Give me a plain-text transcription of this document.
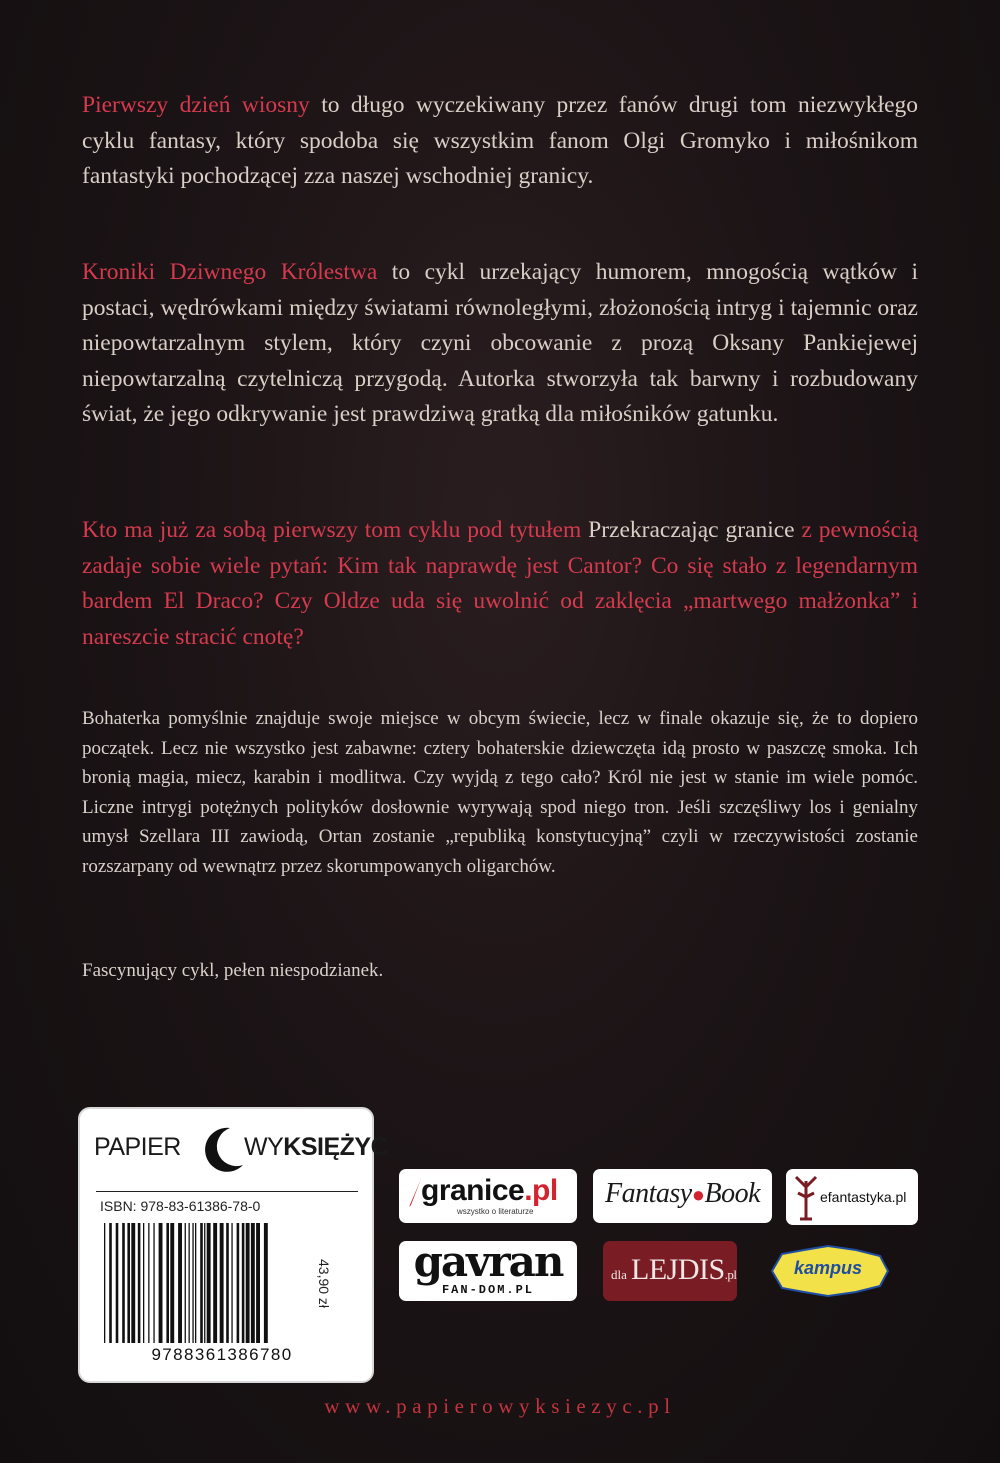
Pierwszy dzień wiosny to długo wyczekiwany przez fanów drugi tom niezwykłego cyklu fantasy, który spodoba się wszystkim fanom Olgi Gromyko i miłośnikom fantastyki pochodzącej zza naszej wschodniej granicy.

Kroniki Dziwnego Królestwa to cykl urzekający humorem, mnogością wątków i postaci, wędrówkami między światami równoległymi, złożonością intryg i tajemnic oraz niepowtarzalnym stylem, który czyni obcowanie z prozą Oksany Pankiejewej niepowtarzalną czytelniczą przygodą. Autorka stworzyła tak barwny i rozbudowany świat, że jego odkrywanie jest prawdziwą gratką dla miłośników gatunku.

Kto ma już za sobą pierwszy tom cyklu pod tytułem Przekraczając granice z pewnością zadaje sobie wiele pytań: Kim tak naprawdę jest Cantor? Co się stało z legendarnym bardem El Draco? Czy Oldze uda się uwolnić od zaklęcia „martwego małżonka” i nareszcie stracić cnotę?

Bohaterka pomyślnie znajduje swoje miejsce w obcym świecie, lecz w finale okazuje się, że to dopiero początek. Lecz nie wszystko jest zabawne: cztery bohaterskie dziewczęta idą prosto w paszczę smoka. Ich bronią magia, miecz, karabin i modlitwa. Czy wyjdą z tego cało? Król nie jest w stanie im wiele pomóc. Liczne intrygi potężnych polityków dosłownie wyrywają spod niego tron. Jeśli szczęśliwy los i genialny umysł Szellara III zawiodą, Ortan zostanie „republiką konstytucyjną” czyli w rzeczywistości zostanie rozszarpany od wewnątrz przez skorumpowanych oligarchów.

Fascynujący cykl, pełen niespodzianek.

PAPIER	WYKSIĘŻYC
ISBN: 978-83-61386-78-0
43,90 zł
9788361386780
granice.pl
wszystko o literaturze
Fantasy●Book	efantastyka.pl
gavran
FAN-DOM.PL
dla LEJDIS.pl	kampus
www.papierowyksiezyc.pl
